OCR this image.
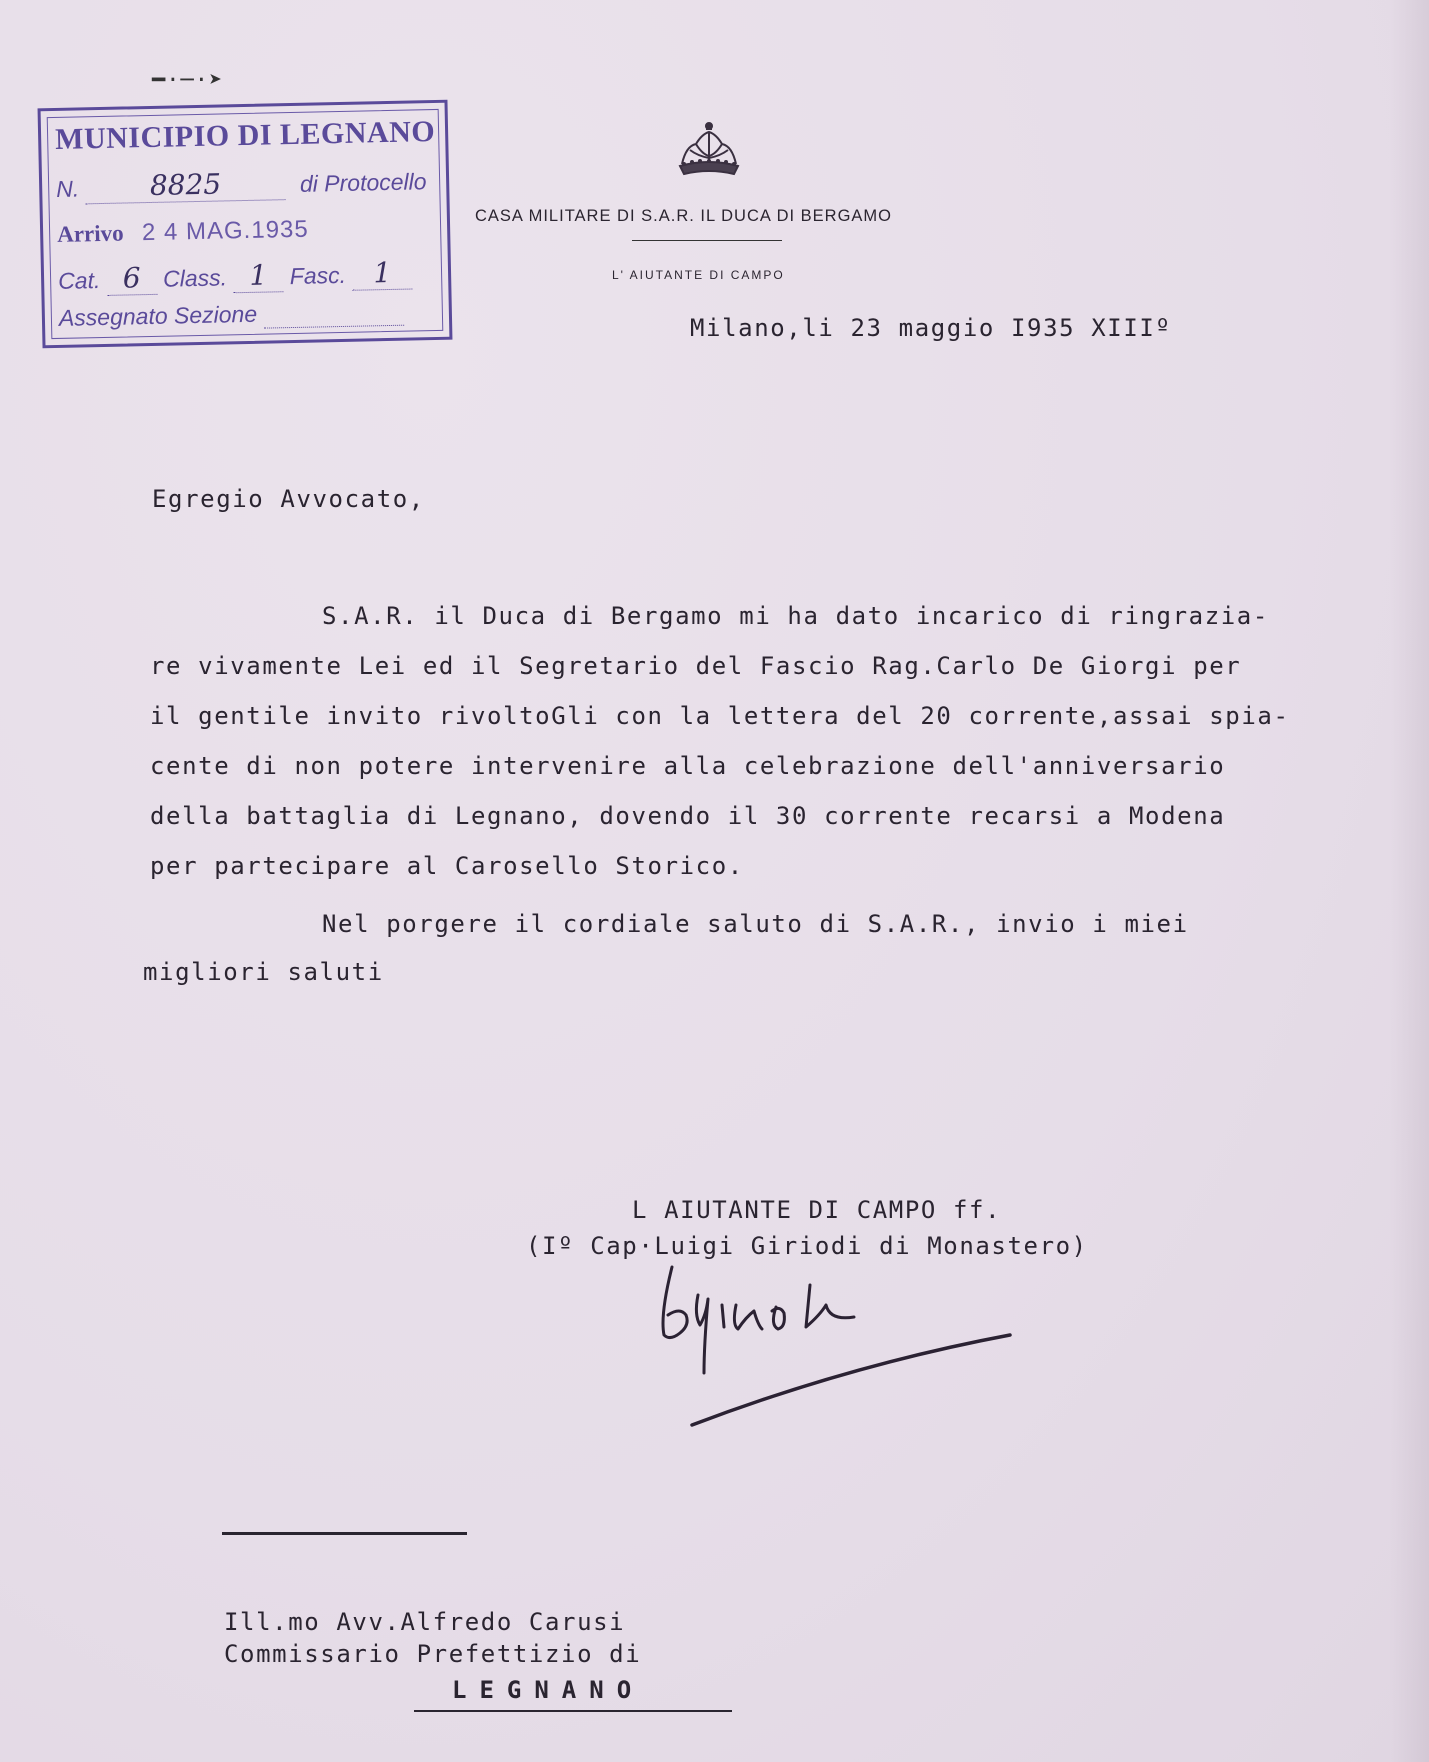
━·─·➤
MUNICIPIO DI LEGNANO
N.	8825	di Protocello
Arrivo 2 4 MAG.1935
Cat. 6 Class. 1 Fasc. 1
Assegnato Sezione
CASA MILITARE DI S.A.R. IL DUCA DI BERGAMO
L' AIUTANTE DI CAMPO
Milano,li 23 maggio I935 XIIIº
Egregio Avvocato,
S.A.R. il Duca di Bergamo mi ha dato incarico di ringrazia-
re vivamente Lei ed il Segretario del Fascio Rag.Carlo De Giorgi per
il gentile invito rivoltoGli con la lettera del 20 corrente,assai spia-
cente di non potere intervenire alla celebrazione dell'anniversario
della battaglia di Legnano, dovendo il 30 corrente recarsi a Modena
per partecipare al Carosello Storico.
Nel porgere il cordiale saluto di S.A.R., invio i miei
migliori saluti
L AIUTANTE DI CAMPO ff.
(Iº Cap·Luigi Giriodi di Monastero)
Ill.mo Avv.Alfredo Carusi
Commissario Prefettizio di
LEGNANO
